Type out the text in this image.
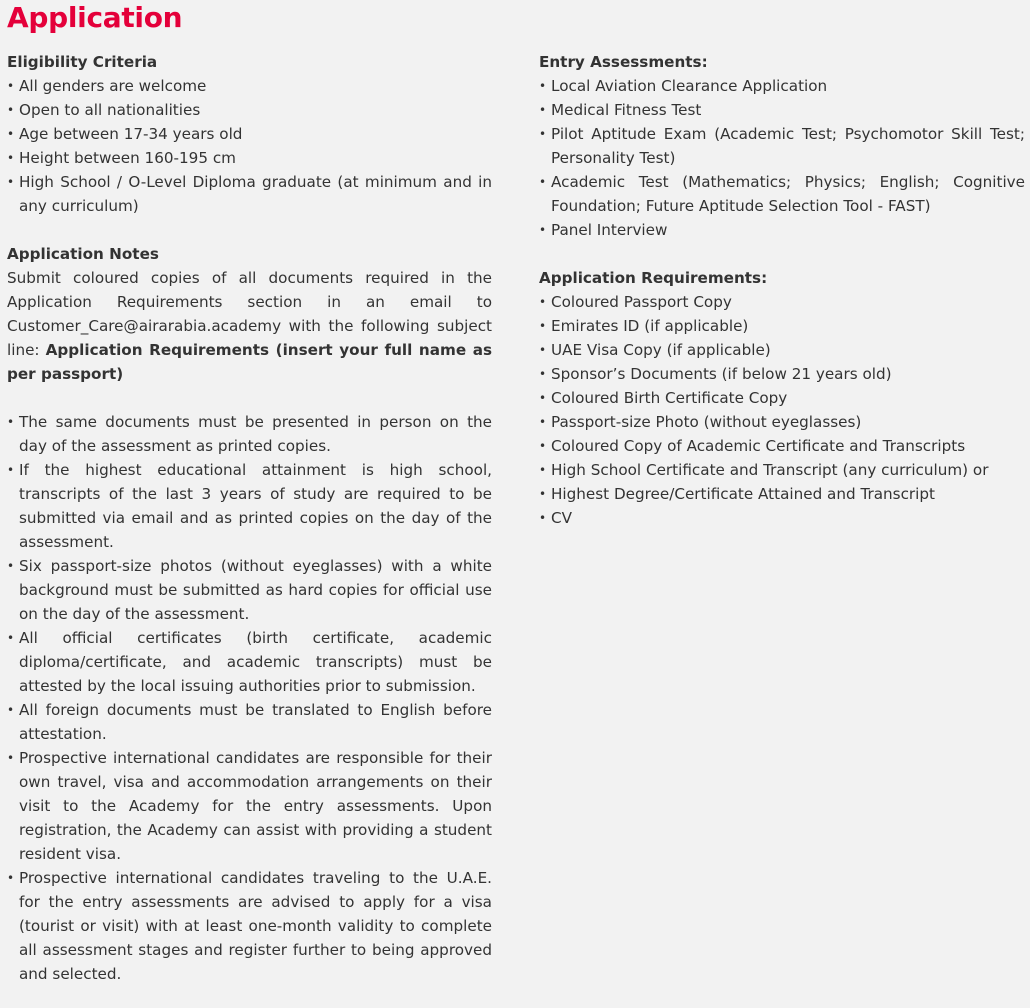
Application

Eligibility Criteria

• All genders are welcome
• Open to all nationalities
• Age between 17-34 years old
• Height between 160-195 cm
• High School / O-Level Diploma graduate (at minimum and in any curriculum)

Application Notes

Submit coloured copies of all documents required in the Application Requirements section in an email to Customer_Care@airarabia.academy with the following subject line: Application Requirements (insert your full name as per passport)

• The same documents must be presented in person on the day of the assessment as printed copies.
• If the highest educational attainment is high school, transcripts of the last 3 years of study are required to be submitted via email and as printed copies on the day of the assessment.
• Six passport-size photos (without eyeglasses) with a white background must be submitted as hard copies for official use on the day of the assessment.
• All official certificates (birth certificate, academic diploma/certificate, and academic transcripts) must be attested by the local issuing authorities prior to submission.
• All foreign documents must be translated to English before attestation.
• Prospective international candidates are responsible for their own travel, visa and accommodation arrangements on their visit to the Academy for the entry assessments. Upon registration, the Academy can assist with providing a student resident visa.
• Prospective international candidates traveling to the U.A.E. for the entry assessments are advised to apply for a visa (tourist or visit) with at least one-month validity to complete all assessment stages and register further to being approved and selected.

Entry Assessments:

• Local Aviation Clearance Application
• Medical Fitness Test
• Pilot Aptitude Exam (Academic Test; Psychomotor Skill Test; Personality Test)
• Academic Test (Mathematics; Physics; English; Cognitive Foundation; Future Aptitude Selection Tool - FAST)
• Panel Interview

Application Requirements:

• Coloured Passport Copy
• Emirates ID (if applicable)
• UAE Visa Copy (if applicable)
• Sponsor’s Documents (if below 21 years old)
• Coloured Birth Certificate Copy
• Passport-size Photo (without eyeglasses)
• Coloured Copy of Academic Certificate and Transcripts
• High School Certificate and Transcript (any curriculum) or
• Highest Degree/Certificate Attained and Transcript
• CV
